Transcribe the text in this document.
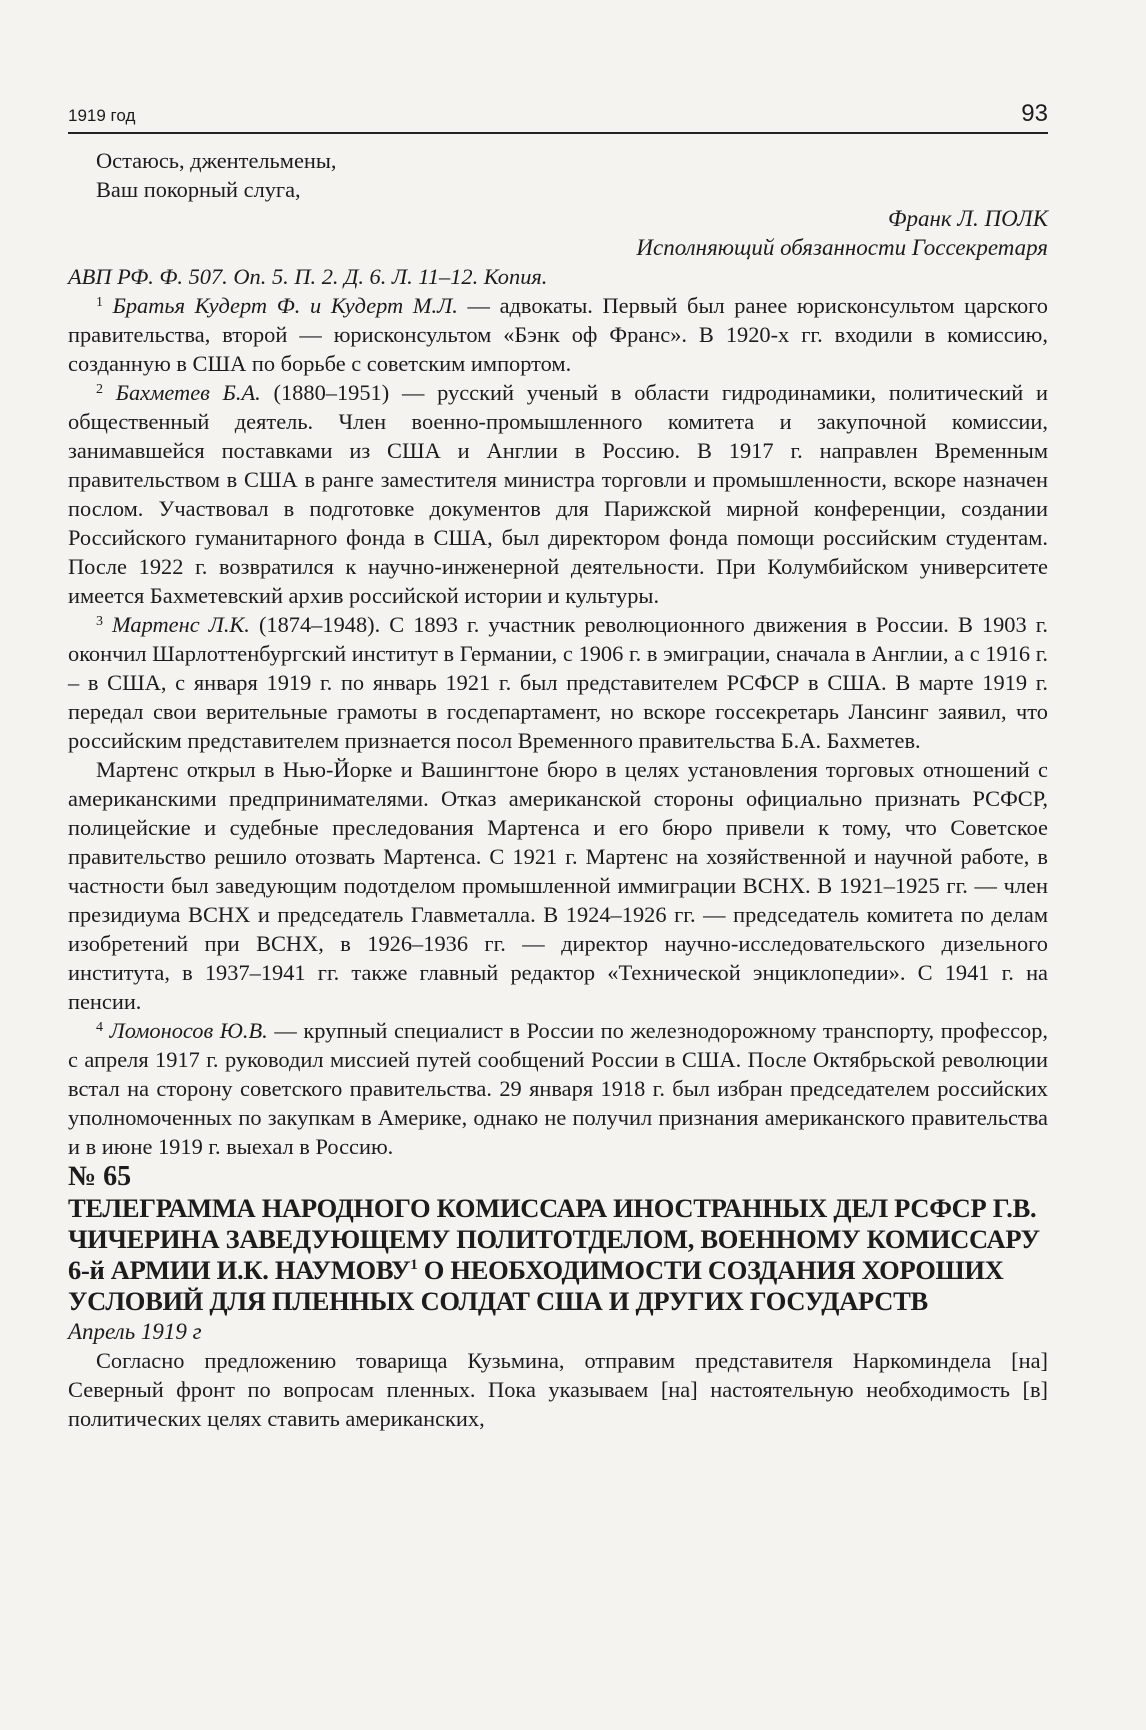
1919 год	93

Остаюсь, джентельмены,

Ваш покорный слуга,

Франк Л. ПОЛК

Исполняющий обязанности Госсекретаря

АВП РФ. Ф. 507. Оп. 5. П. 2. Д. 6. Л. 11–12. Копия.

$^1$ Братья Кудерт Ф. и Кудерт М.Л. — адвокаты. Первый был ранее юрисконсультом царского правительства, второй — юрисконсультом «Бэнк оф Франс». В 1920-х гг. входили в комиссию, созданную в США по борьбе с советским импортом.

$^2$ Бахметев Б.А. (1880–1951) — русский ученый в области гидродинамики, политический и общественный деятель. Член военно-промышленного комитета и закупочной комиссии, занимавшейся поставками из США и Англии в Россию. В 1917 г. направлен Временным правительством в США в ранге заместителя министра торговли и промышленности, вскоре назначен послом. Участвовал в подготовке документов для Парижской мирной конференции, создании Российского гуманитарного фонда в США, был директором фонда помощи российским студентам. После 1922 г. возвратился к научно-инженерной деятельности. При Колумбийском университете имеется Бахметевский архив российской истории и культуры.

$^3$ Мартенс Л.К. (1874–1948). С 1893 г. участник революционного движения в России. В 1903 г. окончил Шарлоттенбургский институт в Германии, с 1906 г. в эмиграции, сначала в Англии, а с 1916 г. – в США, с января 1919 г. по январь 1921 г. был представителем РСФСР в США. В марте 1919 г. передал свои верительные грамоты в госдепартамент, но вскоре госсекретарь Лансинг заявил, что российским представителем признается посол Временного правительства Б.А. Бахметев.

Мартенс открыл в Нью-Йорке и Вашингтоне бюро в целях установления торговых отношений с американскими предпринимателями. Отказ американской стороны официально признать РСФСР, полицейские и судебные преследования Мартенса и его бюро привели к тому, что Советское правительство решило отозвать Мартенса. С 1921 г. Мартенс на хозяйственной и научной работе, в частности был заведующим подотделом промышленной иммиграции ВСНХ. В 1921–1925 гг. — член президиума ВСНХ и председатель Главметалла. В 1924–1926 гг. — председатель комитета по делам изобретений при ВСНХ, в 1926–1936 гг. — директор научно-исследовательского дизельного института, в 1937–1941 гг. также главный редактор «Технической энциклопедии». С 1941 г. на пенсии.

$^4$ Ломоносов Ю.В. — крупный специалист в России по железнодорожному транспорту, профессор, с апреля 1917 г. руководил миссией путей сообщений России в США. После Октябрьской революции встал на сторону советского правительства. 29 января 1918 г. был избран председателем российских уполномоченных по закупкам в Америке, однако не получил признания американского правительства и в июне 1919 г. выехал в Россию.

№ 65

ТЕЛЕГРАММА НАРОДНОГО КОМИССАРА ИНОСТРАННЫХ ДЕЛ РСФСР Г.В. ЧИЧЕРИНА ЗАВЕДУЮЩЕМУ ПОЛИТОТДЕЛОМ, ВОЕННОМУ КОМИССАРУ 6-й АРМИИ И.К. НАУМОВУ$^1$ О НЕОБХОДИМОСТИ СОЗДАНИЯ ХОРОШИХ УСЛОВИЙ ДЛЯ ПЛЕННЫХ СОЛДАТ США И ДРУГИХ ГОСУДАРСТВ

Апрель 1919 г

Согласно предложению товарища Кузьмина, отправим представителя Наркоминдела [на] Северный фронт по вопросам пленных. Пока указываем [на] настоятельную необходимость [в] политических целях ставить американских,
